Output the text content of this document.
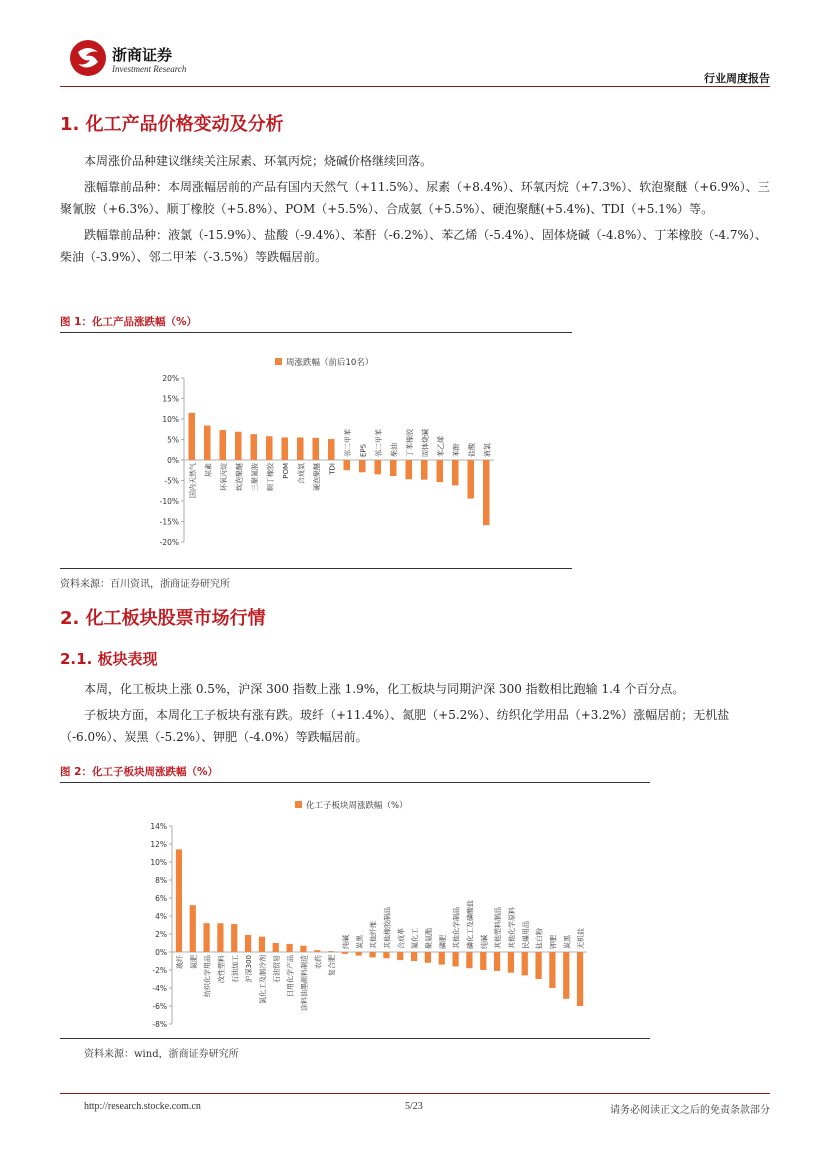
浙商证券
Investment Research
行业周度报告
1. 化工产品价格变动及分析

本周涨价品种建议继续关注尿素、环氧丙烷；烧碱价格继续回落。

涨幅靠前品种：本周涨幅居前的产品有国内天然气（+11.5%）、尿素（+8.4%）、环氧丙烷（+7.3%）、软泡聚醚（+6.9%）、三聚氰胺（+6.3%）、顺丁橡胶（+5.8%）、POM（+5.5%）、合成氨（+5.5%）、硬泡聚醚(+5.4%)、TDI（+5.1%）等。

跌幅靠前品种：液氯（-15.9%）、盐酸（-9.4%）、苯酐（-6.2%）、苯乙烯（-5.4%）、固体烧碱（-4.8%）、丁苯橡胶（-4.7%）、柴油（-3.9%）、邻二甲苯（-3.5%）等跌幅居前。

图 1：化工产品涨跌幅（%）
周涨跌幅（前后10名）
20%
15%
10%
5%
0%
-5%
-10%
-15%
-20%
国内天然气 尿素 环氧丙烷 软泡聚醚 三聚氰胺 顺丁橡胶 POM 合成氨 硬泡聚醚 TDI
邻二甲苯 EPS 邻二甲苯 柴油 丁苯橡胶 固体烧碱 苯乙烯 苯酐 盐酸 液氯
资料来源：百川资讯，浙商证券研究所
2. 化工板块股票市场行情
2.1. 板块表现

本周，化工板块上涨 0.5%，沪深 300 指数上涨 1.9%，化工板块与同期沪深 300 指数相比跑输 1.4 个百分点。

子板块方面，本周化工子板块有涨有跌。玻纤（+11.4%）、氮肥（+5.2%）、纺织化学用品（+3.2%）涨幅居前；无机盐（-6.0%）、炭黑（-5.2%）、钾肥（-4.0%）等跌幅居前。

图 2：化工子板块周涨跌幅（%）
化工子板块周涨跌幅（%）
14%
12%
10%
8%
6%
4%
2%
0%
-2%
-4%
-6%
-8%
玻纤 氮肥 纺织化学用品 改性塑料 石油加工 沪深300 氯化工及制冷剂 石油贸易 日用化学产品 涂料油墨颜料制造 农药 复合肥
纯碱 炭黑 其他纤维 其他橡胶制品 合成革 氟化工 聚氨酯 磷肥 其他化学制品 磷化工及磷酸盐 纯碱 其他塑料制品 其他化学原料 民爆用品 钛白粉 钾肥 炭黑 无机盐
资料来源：wind，浙商证券研究所
http://research.stocke.com.cn	5/23	请务必阅读正文之后的免责条款部分
